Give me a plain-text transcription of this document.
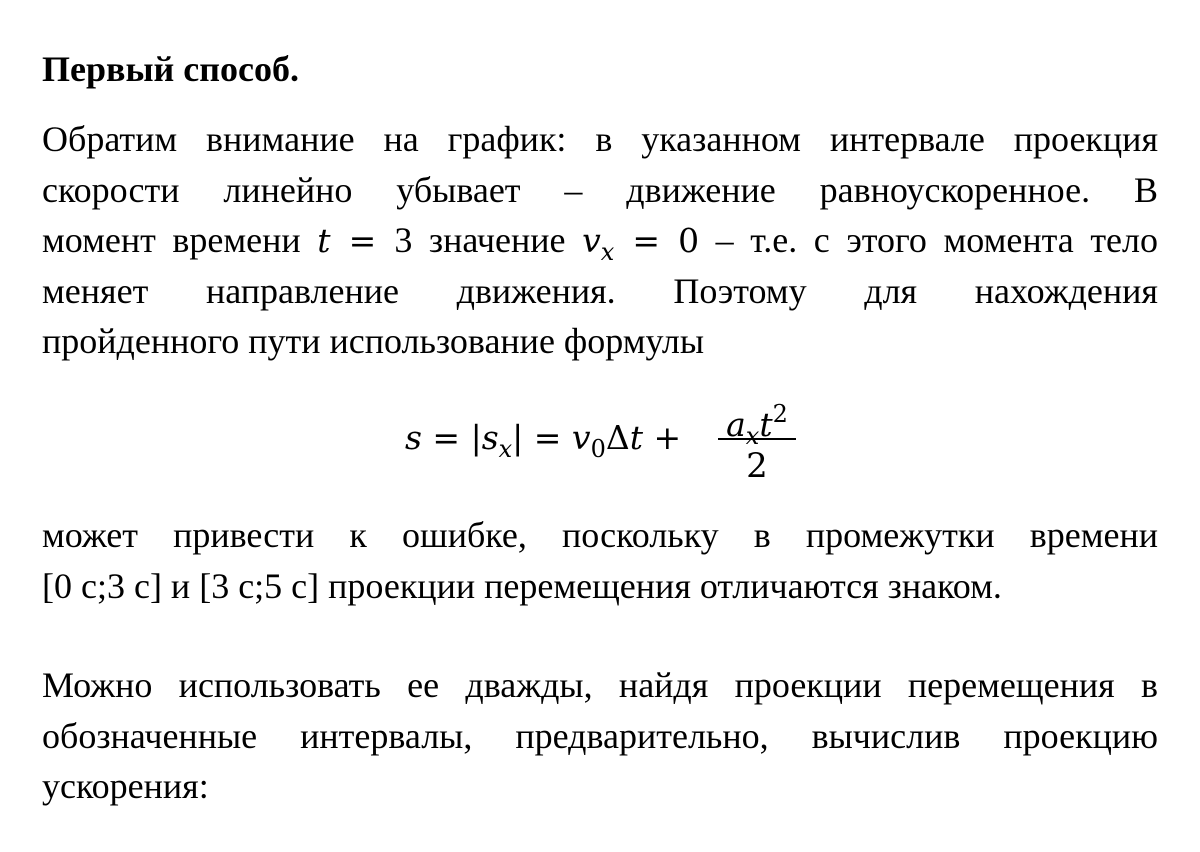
Первый способ.
Обратим внимание на график: в указанном интервале проекция
скорости линейно убывает – движение равноускоренное. В
момент времени t = 3 значение $v_x = 0 - т.е$. с этого момента тело
меняет направление движения. Поэтому для нахождения
пройденного пути использование формулы
$s = |s_x| = v_0\Delta t + a_xt^2$
2
может привести к ошибке, поскольку в промежутки времени
[0 с;3 с] и [3 с;5 с] проекции перемещения отличаются знаком.
Можно использовать ее дважды, найдя проекции перемещения в
обозначенные интервалы, предварительно, вычислив проекцию
ускорения:
